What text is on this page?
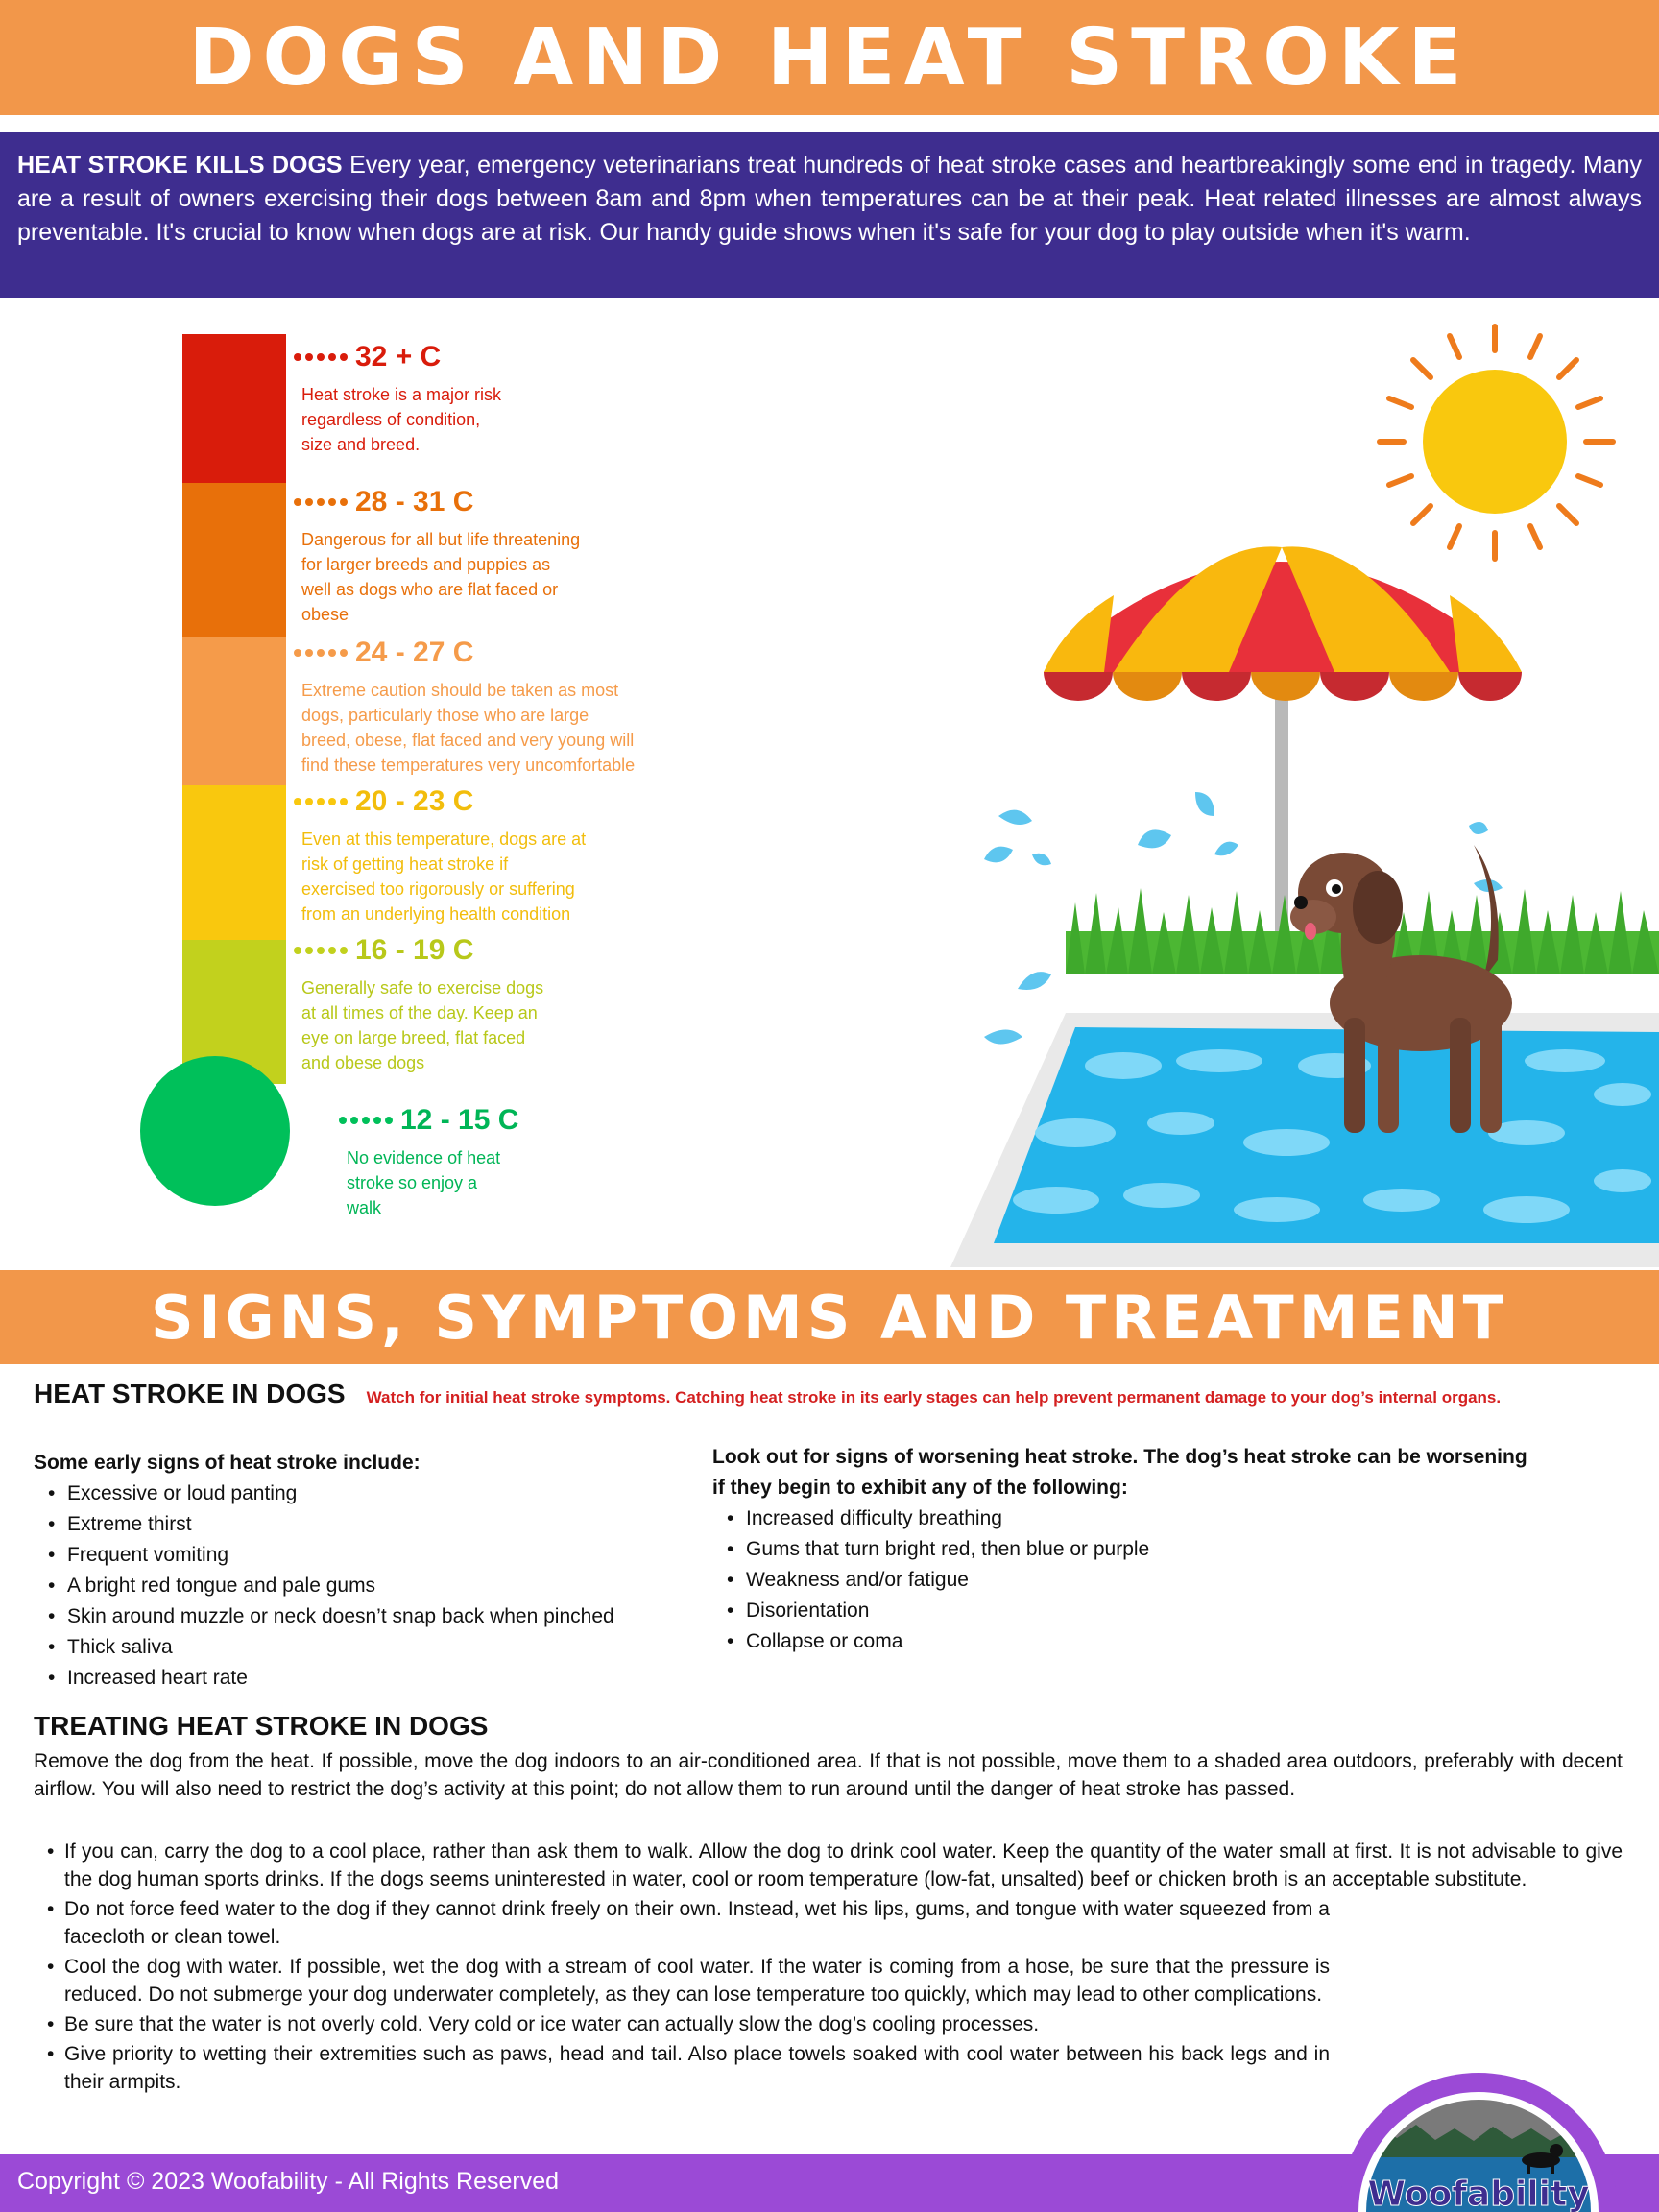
DOGS AND HEAT STROKE
HEAT STROKE KILLS DOGS Every year, emergency veterinarians treat hundreds of heat stroke cases and heartbreakingly some end in tragedy. Many are a result of owners exercising their dogs between 8am and 8pm when temperatures can be at their peak. Heat related illnesses are almost always preventable. It's crucial to know when dogs are at risk. Our handy guide shows when it's safe for your dog to play outside when it's warm.
32 + C
Heat stroke is a major risk
regardless of condition,
size and breed.
28 - 31 C
Dangerous for all but life threatening
for larger breeds and puppies as
well as dogs who are flat faced or
obese
24 - 27 C
Extreme caution should be taken as most
dogs, particularly those who are large
breed, obese, flat faced and very young will
find these temperatures very uncomfortable
20 - 23 C
Even at this temperature, dogs are at
risk of getting heat stroke if
exercised too rigorously or suffering
from an underlying health condition
16 - 19 C
Generally safe to exercise dogs
at all times of the day. Keep an
eye on large breed, flat faced
and obese dogs
12 - 15 C
No evidence of heat
stroke so enjoy a
walk
SIGNS, SYMPTOMS AND TREATMENT
HEAT STROKE IN DOGS Watch for initial heat stroke symptoms. Catching heat stroke in its early stages can help prevent permanent damage to your dog’s internal organs.
Some early signs of heat stroke include:
• Excessive or loud panting
• Extreme thirst
• Frequent vomiting
• A bright red tongue and pale gums
• Skin around muzzle or neck doesn’t snap back when pinched
• Thick saliva
• Increased heart rate
Look out for signs of worsening heat stroke. The dog’s heat stroke can be worsening
if they begin to exhibit any of the following:
• Increased difficulty breathing
• Gums that turn bright red, then blue or purple
• Weakness and/or fatigue
• Disorientation
• Collapse or coma
TREATING HEAT STROKE IN DOGS
Remove the dog from the heat. If possible, move the dog indoors to an air-conditioned area. If that is not possible, move them to a shaded area outdoors, preferably with decent airflow. You will also need to restrict the dog’s activity at this point; do not allow them to run around until the danger of heat stroke has passed.
• If you can, carry the dog to a cool place, rather than ask them to walk. Allow the dog to drink cool water. Keep the quantity of the water small at first. It is not advisable to give the dog human sports drinks. If the dogs seems uninterested in water, cool or room temperature (low-fat, unsalted) beef or chicken broth is an acceptable substitute.
• Do not force feed water to the dog if they cannot drink freely on their own. Instead, wet his lips, gums, and tongue with water squeezed from a facecloth or clean towel.
• Cool the dog with water. If possible, wet the dog with a stream of cool water. If the water is coming from a hose, be sure that the pressure is reduced. Do not submerge your dog underwater completely, as they can lose temperature too quickly, which may lead to other complications.
• Be sure that the water is not overly cold. Very cold or ice water can actually slow the dog’s cooling processes.
• Give priority to wetting their extremities such as paws, head and tail. Also place towels soaked with cool water between his back legs and in their armpits.
Copyright © 2023 Woofability - All Rights Reserved	Woofability
